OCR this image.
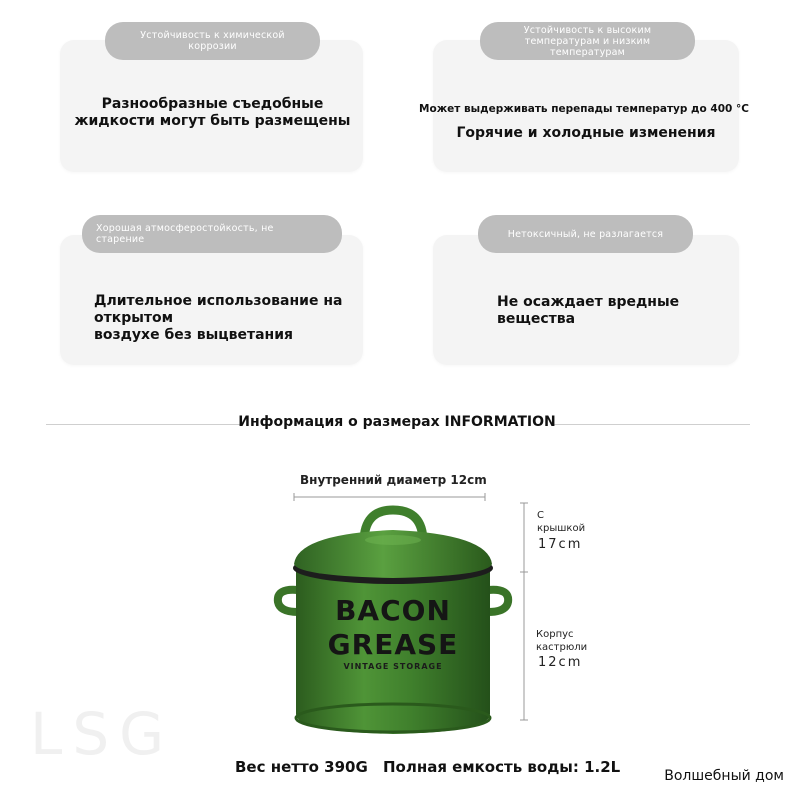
Устойчивость к химической коррозии
Разнообразные съедобные
жидкости могут быть размещены
Устойчивость к высоким температурам и низким температурам
Может выдерживать перепады температур до 400 °C
Горячие и холодные изменения
Хорошая атмосферостойкость, не старение
Длительное использование на открытом
воздухе без выцветания
Нетоксичный, не разлагается
Не осаждает вредные
вещества
Информация о размерах INFORMATION
Внутренний диаметр 12cm
С
крышкой
17cm
Корпус
кастрюли
12cm
BACON
GREASE
VINTAGE STORAGE
LSG	Вес нетто 390G Полная емкость воды: 1.2L	Волшебный дом
